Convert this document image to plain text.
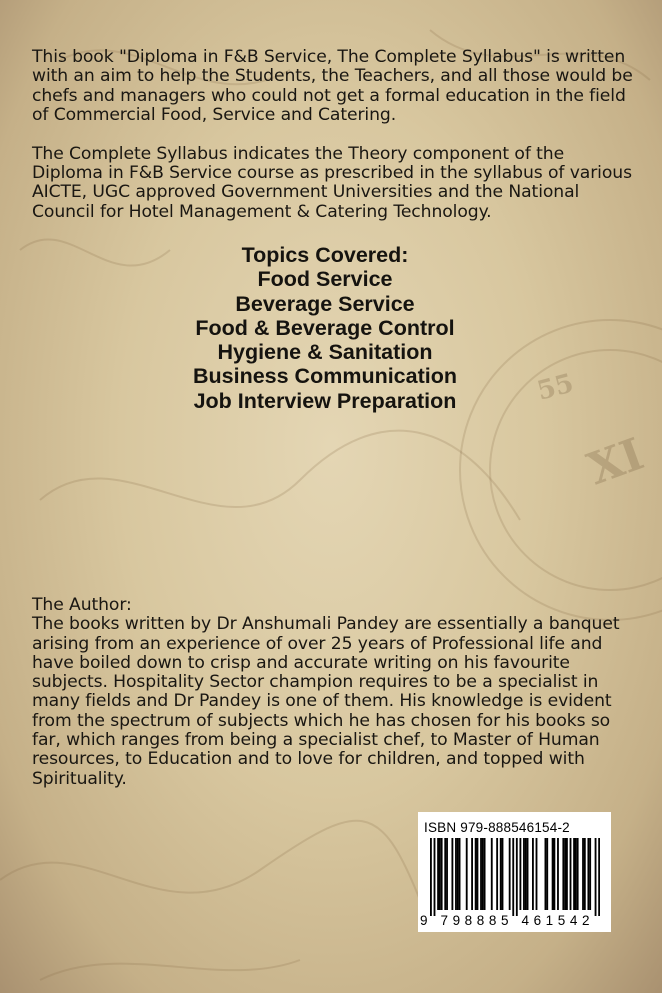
XI
55

This book "Diploma in F&B Service, The Complete Syllabus" is written with an aim to help the Students, the Teachers, and all those would be chefs and managers who could not get a formal education in the field of Commercial Food, Service and Catering.

The Complete Syllabus indicates the Theory component of the Diploma in F&B Service course as prescribed in the syllabus of various AICTE, UGC approved Government Universities and the National Council for Hotel Management & Catering Technology.

Topics Covered:
Food Service
Beverage Service
Food & Beverage Control
Hygiene & Sanitation
Business Communication
Job Interview Preparation

The Author:

The books written by Dr Anshumali Pandey are essentially a banquet arising from an experience of over 25 years of Professional life and have boiled down to crisp and accurate writing on his favourite subjects. Hospitality Sector champion requires to be a specialist in many fields and Dr Pandey is one of them. His knowledge is evident from the spectrum of subjects which he has chosen for his books so far, which ranges from being a specialist chef, to Master of Human resources, to Education and to love for children, and topped with Spirituality.

ISBN 979-888546154-2
9 798885 461542
